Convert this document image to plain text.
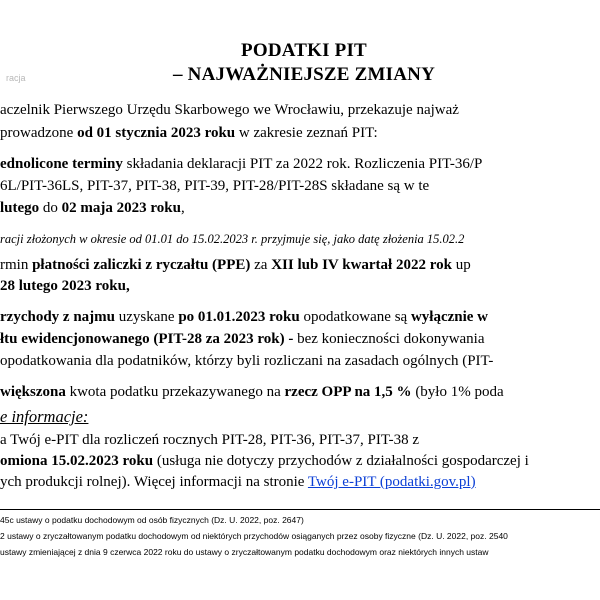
racja
PODATKI PIT
– NAJWAŻNIEJSZE ZMIANY
aczelnik Pierwszego Urzędu Skarbowego we Wrocławiu, przekazuje najważ
prowadzone od 01 stycznia 2023 roku w zakresie zeznań PIT:
ednolicone terminy składania deklaracji PIT za 2022 rok. Rozliczenia PIT-36/P
6L/PIT-36LS, PIT-37, PIT-38, PIT-39, PIT-28/PIT-28S składane są w te
lutego do 02 maja 2023 roku,
racji złożonych w okresie od 01.01 do 15.02.2023 r. przyjmuje się, jako datę złożenia 15.02.2
rmin płatności zaliczki z ryczałtu (PPE) za XII lub IV kwartał 2022 rok up
28 lutego 2023 roku,
rzychody z najmu uzyskane po 01.01.2023 roku opodatkowane są wyłącznie w
łtu ewidencjonowanego (PIT-28 za 2023 rok) - bez konieczności dokonywania
opodatkowania dla podatników, którzy byli rozliczani na zasadach ogólnych (PIT-
większona kwota podatku przekazywanego na rzecz OPP na 1,5 % (było 1% poda
e informacje:
a Twój e-PIT dla rozliczeń rocznych PIT-28, PIT-36, PIT-37, PIT-38 z
omiona 15.02.2023 roku (usługa nie dotyczy przychodów z działalności gospodarczej i
ych produkcji rolnej). Więcej informacji na stronie Twój e-PIT (podatki.gov.pl)
45c ustawy o podatku dochodowym od osób fizycznych (Dz. U. 2022, poz. 2647)
2 ustawy o zryczałtowanym podatku dochodowym od niektórych przychodów osiąganych przez osoby fizyczne (Dz. U. 2022, poz. 2540
ustawy zmieniającej z dnia 9 czerwca 2022 roku do ustawy o zryczałtowanym podatku dochodowym oraz niektórych innych ustaw
